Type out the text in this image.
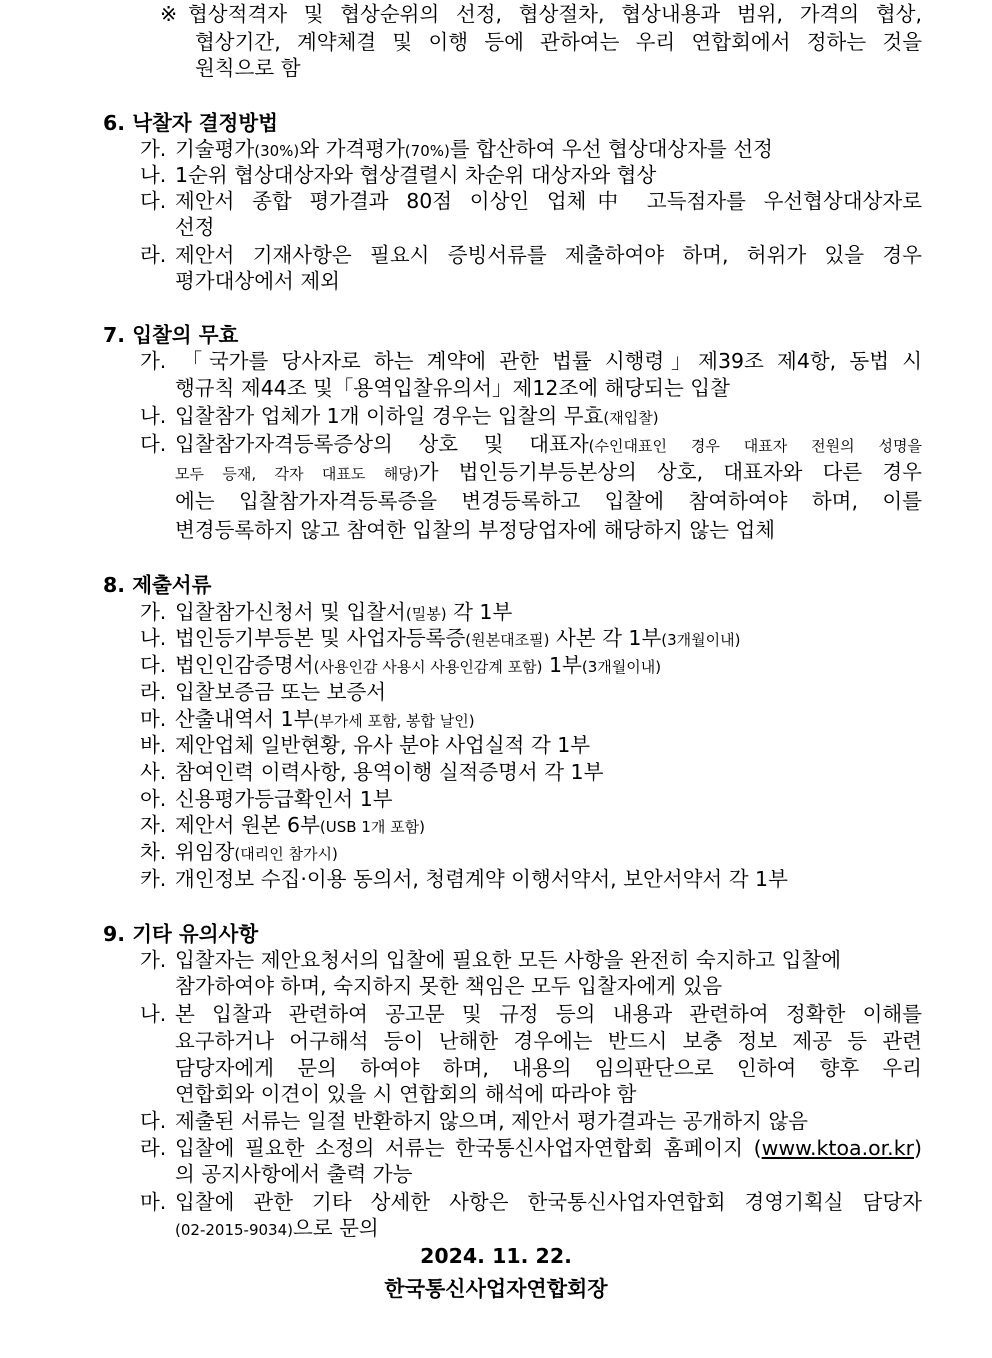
※ 협상적격자 및 협상순위의 선정, 협상절차, 협상내용과 범위, 가격의 협상,
협상기간, 계약체결 및 이행 등에 관하여는 우리 연합회에서 정하는 것을
원칙으로 함
6. 낙찰자 결정방법
가. 기술평가(30%)와 가격평가(70%)를 합산하여 우선 협상대상자를 선정
나. 1순위 협상대상자와 협상결렬시 차순위 대상자와 협상
다. 제안서 종합 평가결과 80점 이상인 업체中 고득점자를 우선협상대상자로
선정
라. 제안서 기재사항은 필요시 증빙서류를 제출하여야 하며, 허위가 있을 경우
평가대상에서 제외
7. 입찰의 무효
가. 「국가를 당사자로 하는 계약에 관한 법률 시행령」제39조 제4항, 동법 시
행규칙 제44조 및「용역입찰유의서」제12조에 해당되는 입찰
나. 입찰참가 업체가 1개 이하일 경우는 입찰의 무효(재입찰)
다. 입찰참가자격등록증상의 상호 및 대표자(수인대표인 경우 대표자 전원의 성명을
모두 등재, 각자 대표도 해당)가 법인등기부등본상의 상호, 대표자와 다른 경우
에는 입찰참가자격등록증을 변경등록하고 입찰에 참여하여야 하며, 이를
변경등록하지 않고 참여한 입찰의 부정당업자에 해당하지 않는 업체
8. 제출서류
가. 입찰참가신청서 및 입찰서(밀봉) 각 1부
나. 법인등기부등본 및 사업자등록증(원본대조필) 사본 각 1부(3개월이내)
다. 법인인감증명서(사용인감 사용시 사용인감계 포함) 1부(3개월이내)
라. 입찰보증금 또는 보증서
마. 산출내역서 1부(부가세 포함, 봉합 날인)
바. 제안업체 일반현황, 유사 분야 사업실적 각 1부
사. 참여인력 이력사항, 용역이행 실적증명서 각 1부
아. 신용평가등급확인서 1부
자. 제안서 원본 6부(USB 1개 포함)
차. 위임장(대리인 참가시)
카. 개인정보 수집·이용 동의서, 청렴계약 이행서약서, 보안서약서 각 1부
9. 기타 유의사항
가. 입찰자는 제안요청서의 입찰에 필요한 모든 사항을 완전히 숙지하고 입찰에
참가하여야 하며, 숙지하지 못한 책임은 모두 입찰자에게 있음
나. 본 입찰과 관련하여 공고문 및 규정 등의 내용과 관련하여 정확한 이해를
요구하거나 어구해석 등이 난해한 경우에는 반드시 보충 정보 제공 등 관련
담당자에게 문의 하여야 하며, 내용의 임의판단으로 인하여 향후 우리
연합회와 이견이 있을 시 연합회의 해석에 따라야 함
다. 제출된 서류는 일절 반환하지 않으며, 제안서 평가결과는 공개하지 않음
라. 입찰에 필요한 소정의 서류는 한국통신사업자연합회 홈페이지 (www.ktoa.or.kr)
의 공지사항에서 출력 가능
마. 입찰에 관한 기타 상세한 사항은 한국통신사업자연합회 경영기획실 담당자
(02-2015-9034)으로 문의
2024. 11. 22.
한국통신사업자연합회장
